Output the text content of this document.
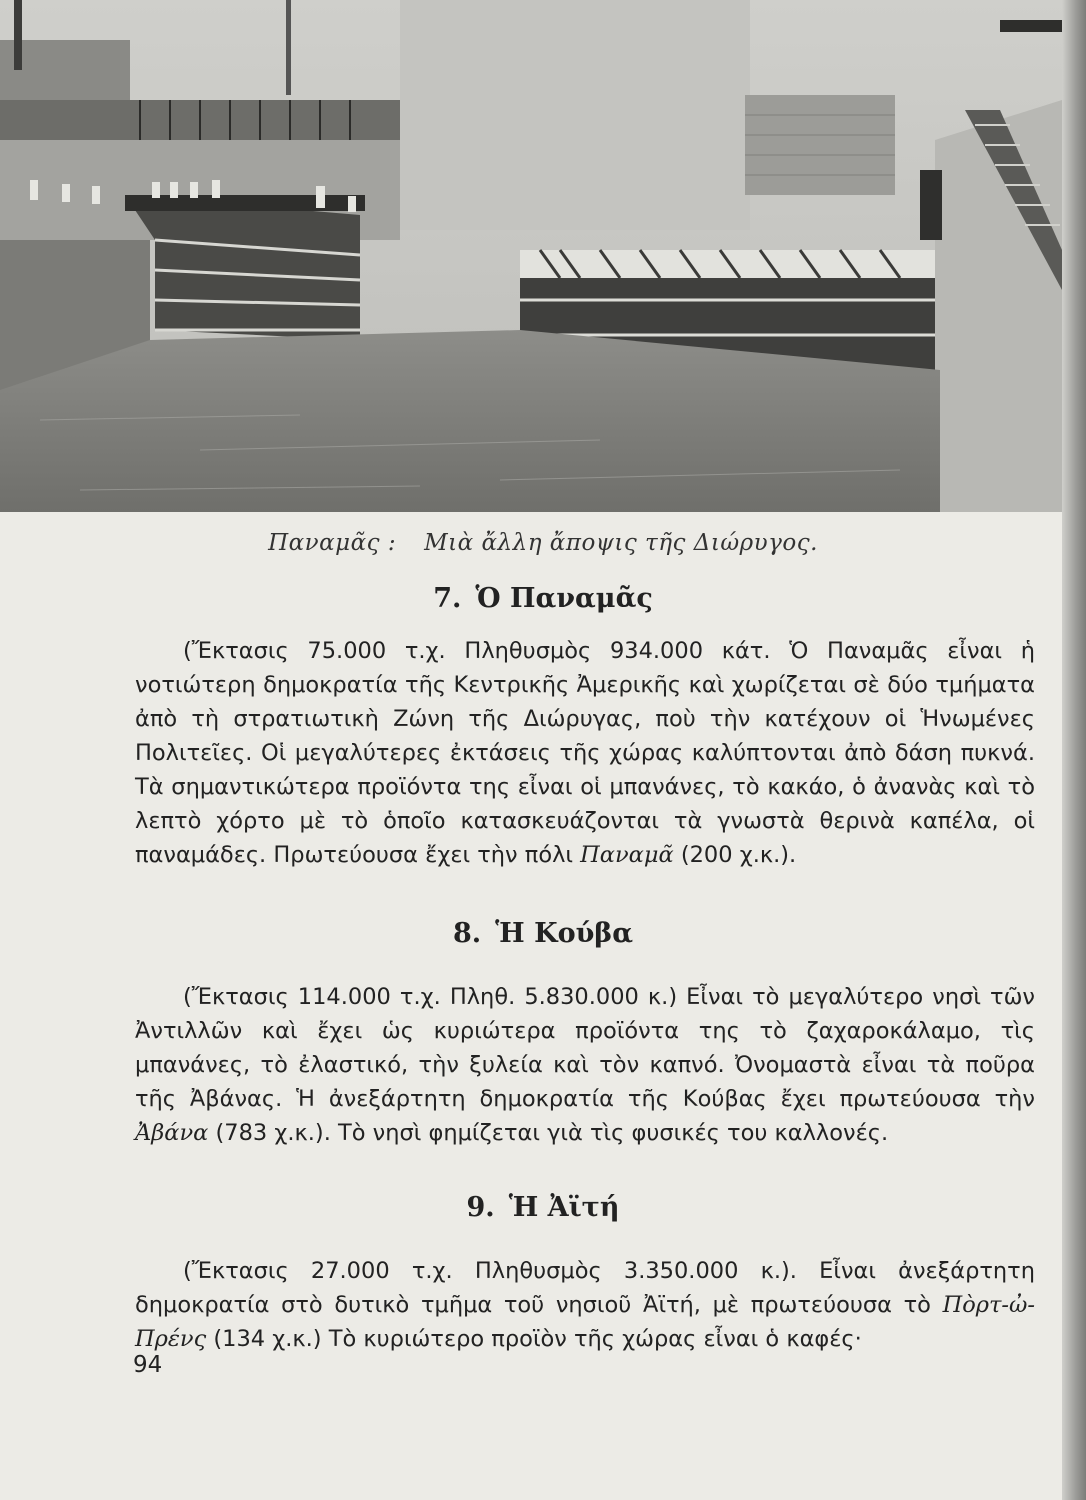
Παναμᾶς : Μιὰ ἄλλη ἄποψις τῆς Διώρυγος.
7. Ὁ Παναμᾶς

(Ἔκτασις 75.000 τ.χ. Πληθυσμὸς 934.000 κάτ. Ὁ Παναμᾶς εἶναι ἡ νοτιώτερη δημοκρατία τῆς Κεντρικῆς Ἀμερικῆς καὶ χωρίζεται σὲ δύο τμήματα ἀπὸ τὴ στρατιωτικὴ Ζώνη τῆς Διώρυγας, ποὺ τὴν κατέχουν οἱ Ἡνωμένες Πολιτεῖες. Οἱ μεγαλύτερες ἐκτάσεις τῆς χώρας καλύπτονται ἀπὸ δάση πυκνά. Τὰ σημαντικώτερα προϊόντα της εἶναι οἱ μπανάνες, τὸ κακάο, ὁ ἀνανὰς καὶ τὸ λεπτὸ χόρτο μὲ τὸ ὁποῖο κατασκευάζονται τὰ γνωστὰ θερινὰ καπέλα, οἱ παναμάδες. Πρωτεύουσα ἔχει τὴν πόλι Παναμᾶ (200 χ.κ.).

8. Ἡ Κούβα

(Ἔκτασις 114.000 τ.χ. Πληθ. 5.830.000 κ.) Εἶναι τὸ μεγαλύτερο νησὶ τῶν Ἀντιλλῶν καὶ ἔχει ὡς κυριώτερα προϊόντα της τὸ ζαχαροκάλαμο, τὶς μπανάνες, τὸ ἐλαστικό, τὴν ξυλεία καὶ τὸν καπνό. Ὀνομαστὰ εἶναι τὰ ποῦρα τῆς Ἀβάνας. Ἡ ἀνεξάρτητη δημοκρατία τῆς Κούβας ἔχει πρωτεύουσα τὴν Ἀβάνα (783 χ.κ.). Τὸ νησὶ φημίζεται γιὰ τὶς φυσικές του καλλονές.

9. Ἡ Ἀϊτή

(Ἔκτασις 27.000 τ.χ. Πληθυσμὸς 3.350.000 κ.). Εἶναι ἀνεξάρτητη δημοκρατία στὸ δυτικὸ τμῆμα τοῦ νησιοῦ Ἀϊτή, μὲ πρωτεύουσα τὸ Πὸρτ-ὠ-Πρένς (134 χ.κ.) Τὸ κυριώτερο προϊὸν τῆς χώρας εἶναι ὁ καφές·

94
